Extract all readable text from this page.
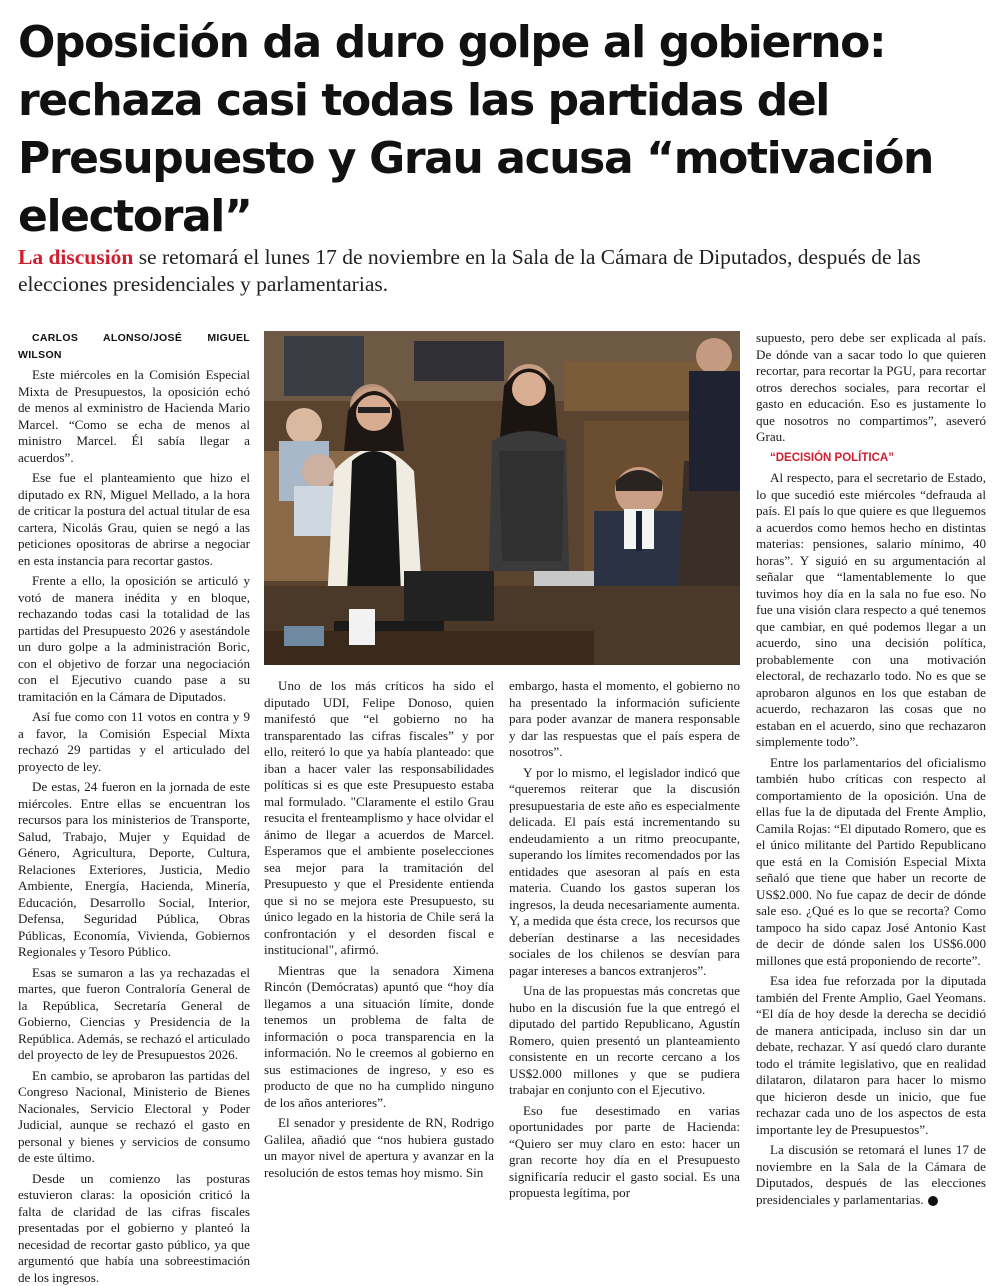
Oposición da duro golpe al gobierno: rechaza casi todas las partidas del Presupuesto y Grau acusa “motivación electoral”

La discusión se retomará el lunes 17 de noviembre en la Sala de la Cámara de Diputados, después de las elecciones presidenciales y parlamentarias.

CARLOS ALONSO/JOSÉ MIGUEL WILSON

Este miércoles en la Comisión Especial Mixta de Presupuestos, la oposición echó de menos al exministro de Hacienda Mario Marcel. “Como se echa de menos al ministro Marcel. Él sabía llegar a acuerdos”.

Ese fue el planteamiento que hizo el diputado ex RN, Miguel Mellado, a la hora de criticar la postura del actual titular de esa cartera, Nicolás Grau, quien se negó a las peticiones opositoras de abrirse a negociar en esta instancia para recortar gastos.

Frente a ello, la oposición se articuló y votó de manera inédita y en bloque, rechazando todas casi la totalidad de las partidas del Presupuesto 2026 y asestándole un duro golpe a la administración Boric, con el objetivo de forzar una negociación con el Ejecutivo cuando pase a su tramitación en la Cámara de Diputados.

Así fue como con 11 votos en contra y 9 a favor, la Comisión Especial Mixta rechazó 29 partidas y el articulado del proyecto de ley.

De estas, 24 fueron en la jornada de este miércoles. Entre ellas se encuentran los recursos para los ministerios de Transporte, Salud, Trabajo, Mujer y Equidad de Género, Agricultura, Deporte, Cultura, Relaciones Exteriores, Justicia, Medio Ambiente, Energía, Hacienda, Minería, Educación, Desarrollo Social, Interior, Defensa, Seguridad Pública, Obras Públicas, Economía, Vivienda, Gobiernos Regionales y Tesoro Público.

Esas se sumaron a las ya rechazadas el martes, que fueron Contraloría General de la República, Secretaría General de Gobierno, Ciencias y Presidencia de la República. Además, se rechazó el articulado del proyecto de ley de Presupuestos 2026.

En cambio, se aprobaron las partidas del Congreso Nacional, Ministerio de Bienes Nacionales, Servicio Electoral y Poder Judicial, aunque se rechazó el gasto en personal y bienes y servicios de consumo de este último.

Desde un comienzo las posturas estuvieron claras: la oposición criticó la falta de claridad de las cifras fiscales presentadas por el gobierno y planteó la necesidad de recortar gasto público, ya que argumentó que había una sobreestimación de los ingresos.

Uno de los más críticos ha sido el diputado UDI, Felipe Donoso, quien manifestó que “el gobierno no ha transparentado las cifras fiscales” y por ello, reiteró lo que ya había planteado: que iban a hacer valer las responsabilidades políticas si es que este Presupuesto estaba mal formulado. "Claramente el estilo Grau resucita el frenteamplismo y hace olvidar el ánimo de llegar a acuerdos de Marcel. Esperamos que el ambiente poselecciones sea mejor para la tramitación del Presupuesto y que el Presidente entienda que si no se mejora este Presupuesto, su único legado en la historia de Chile será la confrontación y el desorden fiscal e institucional", afirmó.

Mientras que la senadora Ximena Rincón (Demócratas) apuntó que “hoy día llegamos a una situación límite, donde tenemos un problema de falta de información o poca transparencia en la información. No le creemos al gobierno en sus estimaciones de ingreso, y eso es producto de que no ha cumplido ninguno de los años anteriores”.

El senador y presidente de RN, Rodrigo Galilea, añadió que “nos hubiera gustado un mayor nivel de apertura y avanzar en la resolución de estos temas hoy mismo. Sin

embargo, hasta el momento, el gobierno no ha presentado la información suficiente para poder avanzar de manera responsable y dar las respuestas que el país espera de nosotros”.

Y por lo mismo, el legislador indicó que “queremos reiterar que la discusión presupuestaria de este año es especialmente delicada. El país está incrementando su endeudamiento a un ritmo preocupante, superando los límites recomendados por las entidades que asesoran al país en esta materia. Cuando los gastos superan los ingresos, la deuda necesariamente aumenta. Y, a medida que ésta crece, los recursos que deberían destinarse a las necesidades sociales de los chilenos se desvían para pagar intereses a bancos extranjeros”.

Una de las propuestas más concretas que hubo en la discusión fue la que entregó el diputado del partido Republicano, Agustín Romero, quien presentó un planteamiento consistente en un recorte cercano a los US$2.000 millones y que se pudiera trabajar en conjunto con el Ejecutivo.

Eso fue desestimado en varias oportunidades por parte de Hacienda: “Quiero ser muy claro en esto: hacer un gran recorte hoy día en el Presupuesto significaría reducir el gasto social. Es una propuesta legítima, por

supuesto, pero debe ser explicada al país. De dónde van a sacar todo lo que quieren recortar, para recortar la PGU, para recortar otros derechos sociales, para recortar el gasto en educación. Eso es justamente lo que nosotros no compartimos”, aseveró Grau.

“DECISIÓN POLÍTICA”

Al respecto, para el secretario de Estado, lo que sucedió este miércoles “defrauda al país. El país lo que quiere es que lleguemos a acuerdos como hemos hecho en distintas materias: pensiones, salario mínimo, 40 horas”. Y siguió en su argumentación al señalar que “lamentablemente lo que tuvimos hoy día en la sala no fue eso. No fue una visión clara respecto a qué tenemos que cambiar, en qué podemos llegar a un acuerdo, sino una decisión política, probablemente con una motivación electoral, de rechazarlo todo. No es que se aprobaron algunos en los que estaban de acuerdo, rechazaron las cosas que no estaban en el acuerdo, sino que rechazaron simplemente todo”.

Entre los parlamentarios del oficialismo también hubo críticas con respecto al comportamiento de la oposición. Una de ellas fue la de diputada del Frente Amplio, Camila Rojas: “El diputado Romero, que es el único militante del Partido Republicano que está en la Comisión Especial Mixta señaló que tiene que haber un recorte de US$2.000. No fue capaz de decir de dónde sale eso. ¿Qué es lo que se recorta? Como tampoco ha sido capaz José Antonio Kast de decir de dónde salen los US$6.000 millones que está proponiendo de recorte”.

Esa idea fue reforzada por la diputada también del Frente Amplio, Gael Yeomans. “El día de hoy desde la derecha se decidió de manera anticipada, incluso sin dar un debate, rechazar. Y así quedó claro durante todo el trámite legislativo, que en realidad dilataron, dilataron para hacer lo mismo que hicieron desde un inicio, que fue rechazar cada uno de los aspectos de esta importante ley de Presupuestos”.

La discusión se retomará el lunes 17 de noviembre en la Sala de la Cámara de Diputados, después de las elecciones presidenciales y parlamentarias.
